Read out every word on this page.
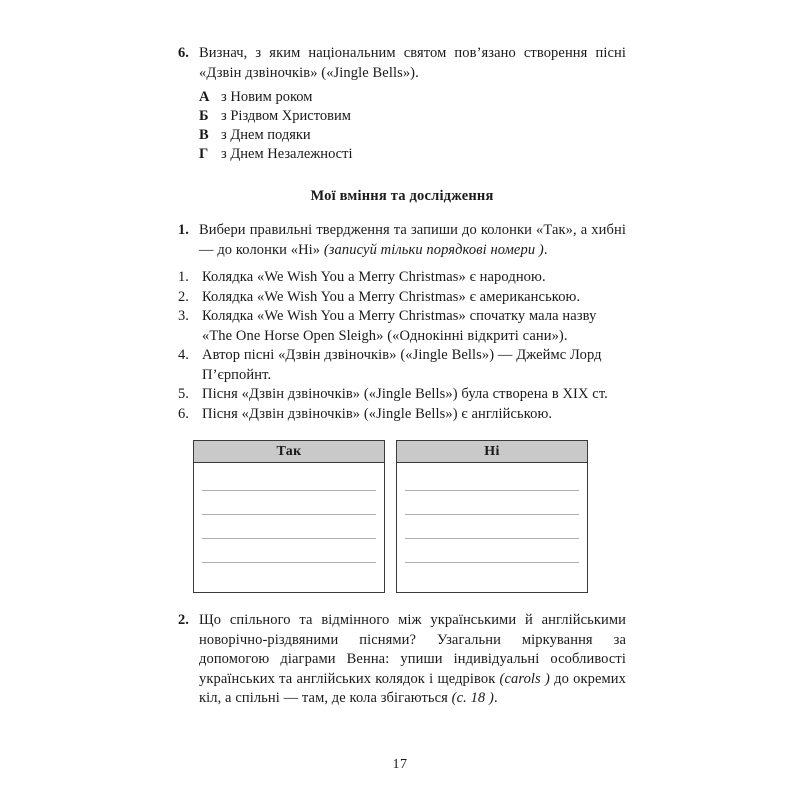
6. Визнач, з яким національним святом пов’язано створення пісні «Дзвін дзвіночків» («Jingle Bells»).
А з Новим роком
Б з Різдвом Христовим
В з Днем подяки
Г з Днем Незалежності
Мої вміння та дослідження
1. Вибери правильні твердження та запиши до колонки «Так», а хибні — до колонки «Ні» (записуй тільки порядкові номери ).
1. Колядка «We Wish You a Merry Christmas» є народною.
2. Колядка «We Wish You a Merry Christmas» є американською.
3. Колядка «We Wish You a Merry Christmas» спочатку мала назву «The One Horse Open Sleigh» («Однокінні відкриті сани»).
4. Автор пісні «Дзвін дзвіночків» («Jingle Bells») — Джеймс Лорд П’єрпойнт.
5. Пісня «Дзвін дзвіночків» («Jingle Bells») була створена в XIX ст.
6. Пісня «Дзвін дзвіночків» («Jingle Bells») є англійською.
Так	Ні
2. Що спільного та відмінного між українськими й англійськими новорічно-різдвяними піснями? Узагальни міркування за допомогою діаграми Венна: упиши індивідуальні особливості українських та англійських колядок і щедрівок (carols ) до окремих кіл, а спільні — там, де кола збігаються (с. 18 ).
17
